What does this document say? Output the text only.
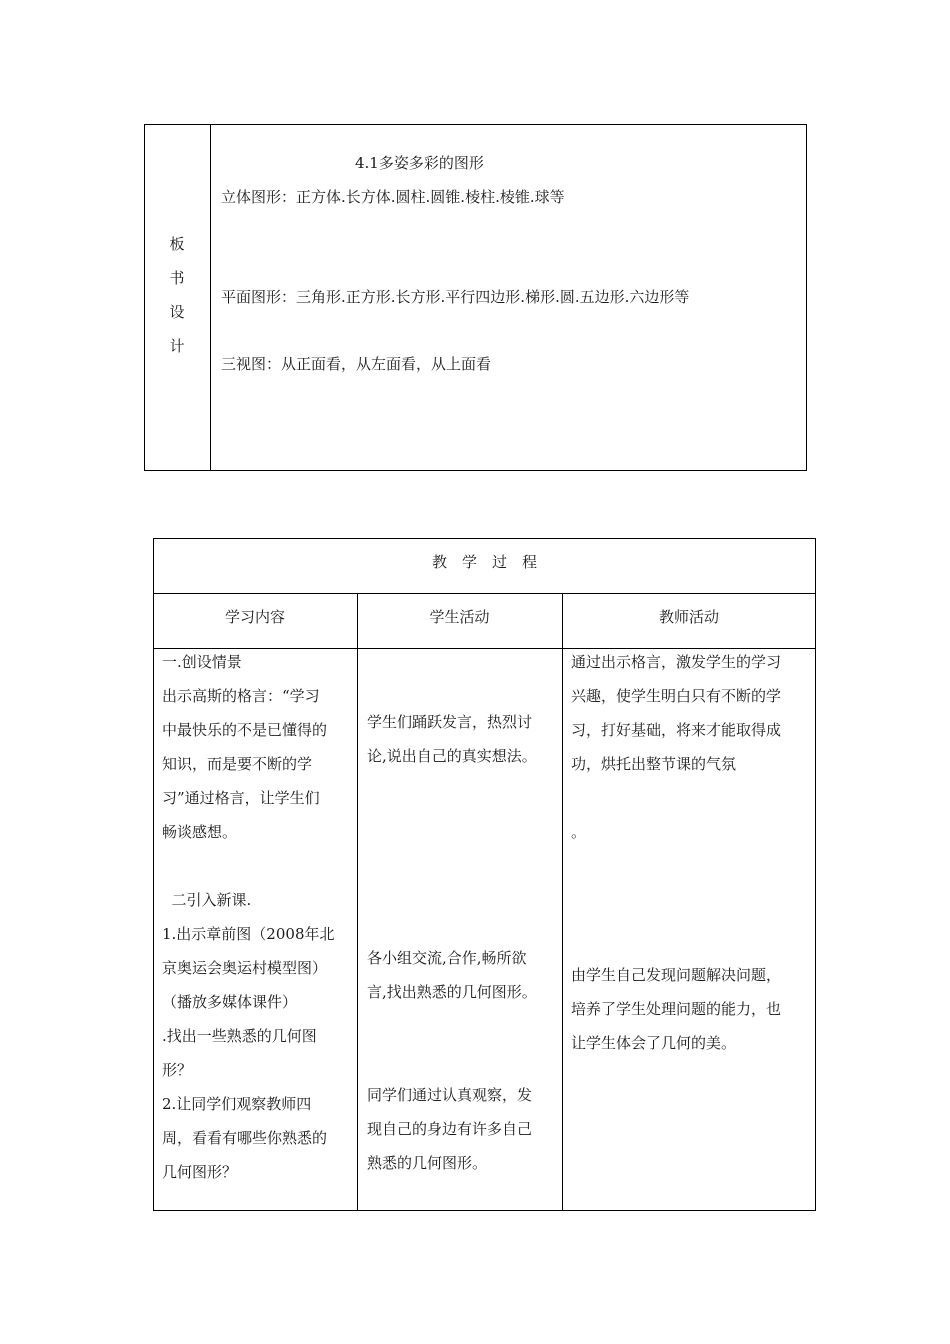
板
书
设
计
4.1多姿多彩的图形
立体图形：正方体.长方体.圆柱.圆锥.棱柱.棱锥.球等
平面图形：三角形.正方形.长方形.平行四边形.梯形.圆.五边形.六边形等
三视图：从正面看，从左面看，从上面看
教　学　过　程
学习内容	学生活动	教师活动
一.创设情景
出示高斯的格言：“学习
中最快乐的不是已懂得的
知识，而是要不断的学
习”通过格言，让学生们
畅谈感想。
二引入新课.
1.出示章前图（2008年北
京奥运会奥运村模型图）
（播放多媒体课件）
.找出一些熟悉的几何图
形？
2.让同学们观察教师四
周，看看有哪些你熟悉的
几何图形？
学生们踊跃发言，热烈讨
论,说出自己的真实想法。
各小组交流,合作,畅所欲
言,找出熟悉的几何图形。
同学们通过认真观察，发
现自己的身边有许多自己
熟悉的几何图形。
通过出示格言，激发学生的学习
兴趣，使学生明白只有不断的学
习，打好基础，将来才能取得成
功，烘托出整节课的气氛
。
由学生自己发现问题解决问题，
培养了学生处理问题的能力，也
让学生体会了几何的美。
